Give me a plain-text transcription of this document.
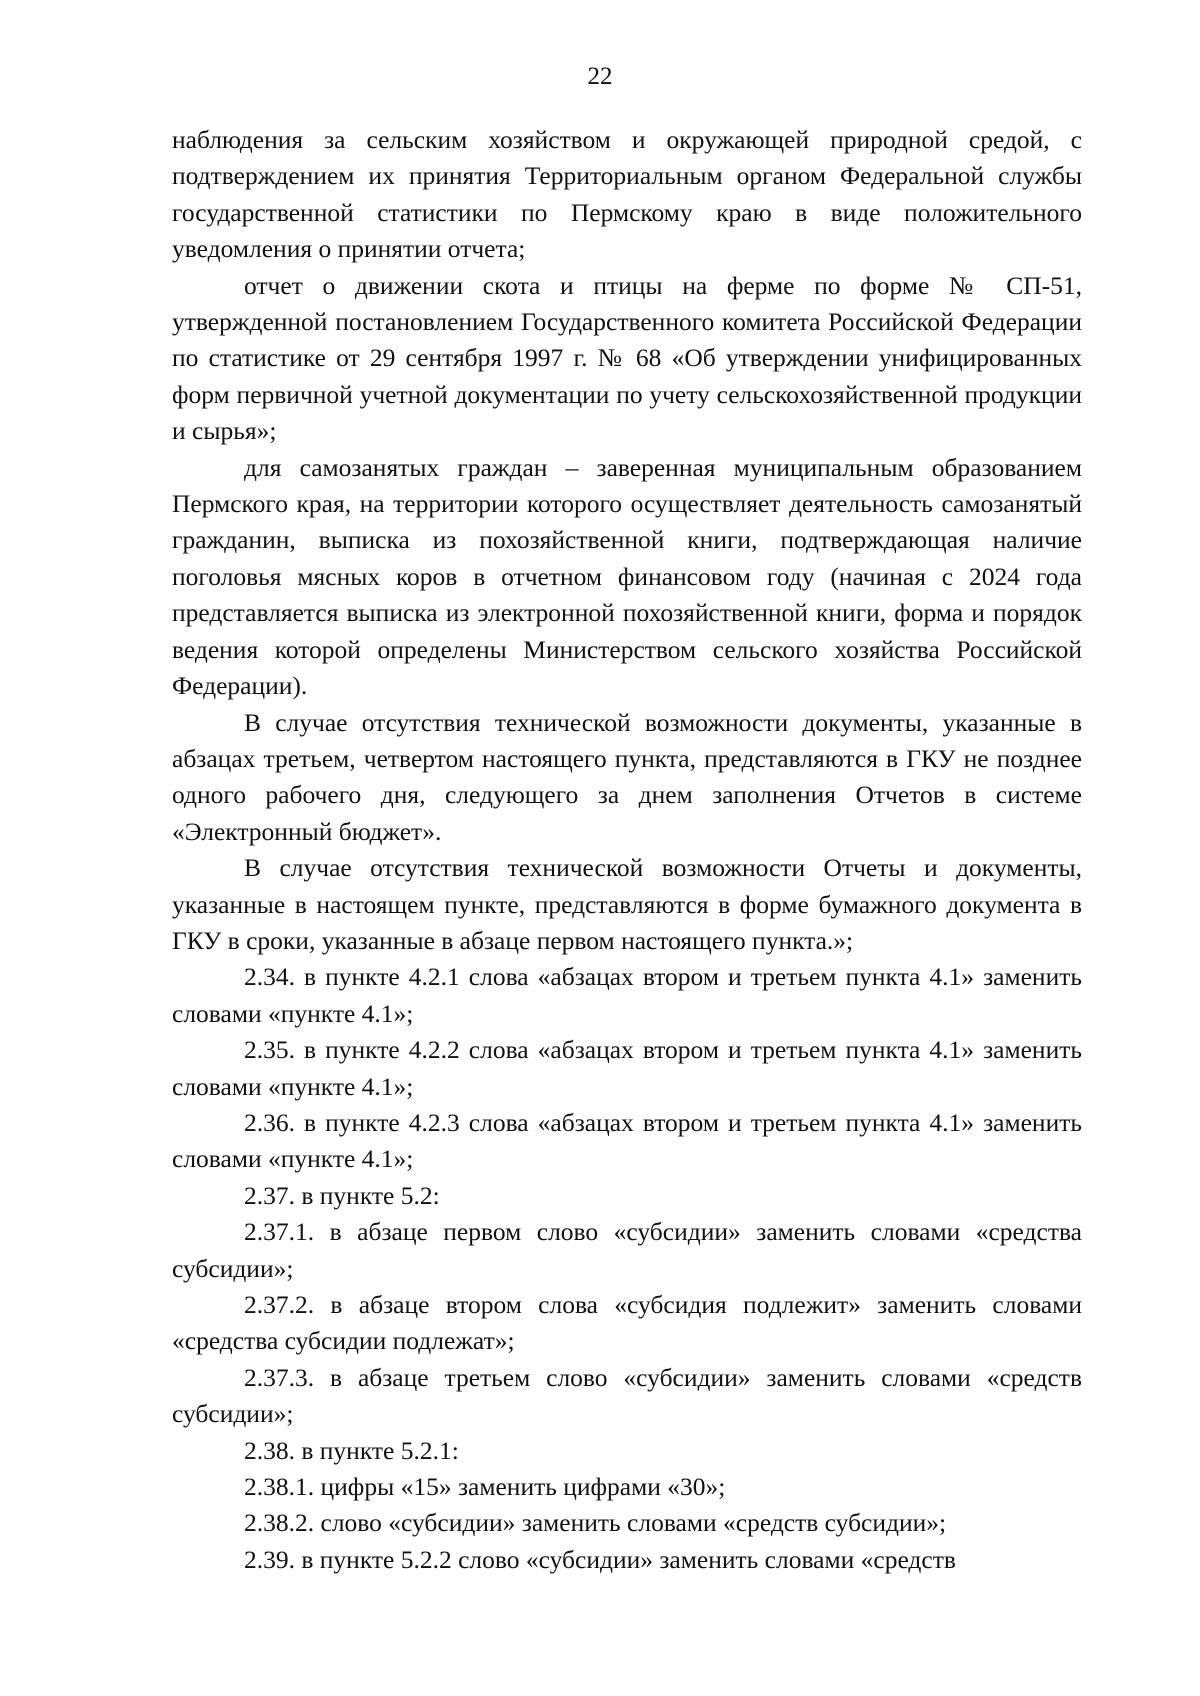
22

наблюдения за сельским хозяйством и окружающей природной средой, с подтверждением их принятия Территориальным органом Федеральной службы государственной статистики по Пермскому краю в виде положительного уведомления о принятии отчета;

отчет о движении скота и птицы на ферме по форме № СП-51, утвержденной постановлением Государственного комитета Российской Федерации по статистике от 29 сентября 1997 г. № 68 «Об утверждении унифицированных форм первичной учетной документации по учету сельскохозяйственной продукции и сырья»;

для самозанятых граждан – заверенная муниципальным образованием Пермского края, на территории которого осуществляет деятельность самозанятый гражданин, выписка из похозяйственной книги, подтверждающая наличие поголовья мясных коров в отчетном финансовом году (начиная с 2024 года представляется выписка из электронной похозяйственной книги, форма и порядок ведения которой определены Министерством сельского хозяйства Российской Федерации).

В случае отсутствия технической возможности документы, указанные в абзацах третьем, четвертом настоящего пункта, представляются в ГКУ не позднее одного рабочего дня, следующего за днем заполнения Отчетов в системе «Электронный бюджет».

В случае отсутствия технической возможности Отчеты и документы, указанные в настоящем пункте, представляются в форме бумажного документа в ГКУ в сроки, указанные в абзаце первом настоящего пункта.»;

2.34. в пункте 4.2.1 слова «абзацах втором и третьем пункта 4.1» заменить словами «пункте 4.1»;

2.35. в пункте 4.2.2 слова «абзацах втором и третьем пункта 4.1» заменить словами «пункте 4.1»;

2.36. в пункте 4.2.3 слова «абзацах втором и третьем пункта 4.1» заменить словами «пункте 4.1»;

2.37. в пункте 5.2:

2.37.1. в абзаце первом слово «субсидии» заменить словами «средства субсидии»;

2.37.2. в абзаце втором слова «субсидия подлежит» заменить словами «средства субсидии подлежат»;

2.37.3. в абзаце третьем слово «субсидии» заменить словами «средств субсидии»;

2.38. в пункте 5.2.1:

2.38.1. цифры «15» заменить цифрами «30»;

2.38.2. слово «субсидии» заменить словами «средств субсидии»;

2.39. в пункте 5.2.2 слово «субсидии» заменить словами «средств
